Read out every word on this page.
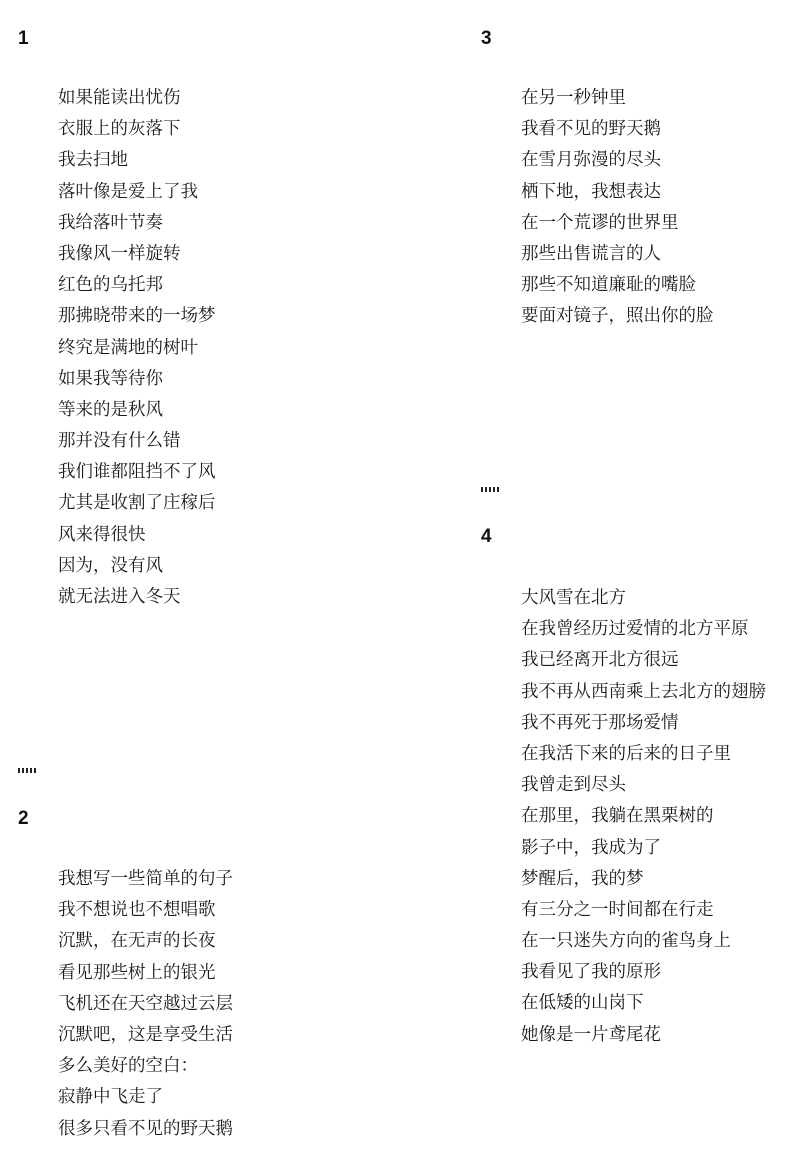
1
如果能读出忧伤
衣服上的灰落下
我去扫地
落叶像是爱上了我
我给落叶节奏
我像风一样旋转
红色的乌托邦
那拂晓带来的一场梦
终究是满地的树叶
如果我等待你
等来的是秋风
那并没有什么错
我们谁都阻挡不了风
尤其是收割了庄稼后
风来得很快
因为，没有风
就无法进入冬天
2
我想写一些简单的句子
我不想说也不想唱歌
沉默，在无声的长夜
看见那些树上的银光
飞机还在天空越过云层
沉默吧，这是享受生活
多么美好的空白：
寂静中飞走了
很多只看不见的野天鹅
3
在另一秒钟里
我看不见的野天鹅
在雪月弥漫的尽头
栖下地，我想表达
在一个荒谬的世界里
那些出售谎言的人
那些不知道廉耻的嘴脸
要面对镜子，照出你的脸
4
大风雪在北方
在我曾经历过爱情的北方平原
我已经离开北方很远
我不再从西南乘上去北方的翅膀
我不再死于那场爱情
在我活下来的后来的日子里
我曾走到尽头
在那里，我躺在黑栗树的
影子中，我成为了
梦醒后，我的梦
有三分之一时间都在行走
在一只迷失方向的雀鸟身上
我看见了我的原形
在低矮的山岗下
她像是一片鸢尾花
